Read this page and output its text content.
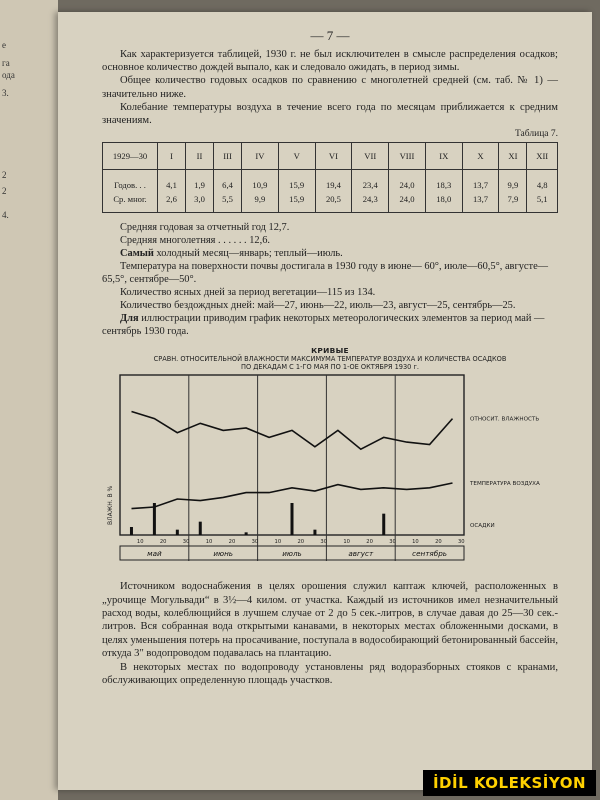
е
га
ода
3.
2
2
4.
— 7 —

Как характеризуется таблицей, 1930 г. не был исключителен в смысле распределения осадков; основное количество дождей выпало, как и следовало ожидать, в период зимы.

Общее количество годовых осадков по сравнению с многолетней средней (см. таб. № 1) — значительно ниже.

Колебание температуры воздуха в течение всего года по месяцам приближается к средним значениям.

Таблица 7.
1929—30	I	II	III	IV	V	VI	VII	VIII	IX	X	XI	XII
Годов. . .	4,1	1,9	6,4	10,9	15,9	19,4	23,4	24,0	18,3	13,7	9,9	4,8
Ср. мног.	2,6	3,0	5,5	9,9	15,9	20,5	24,3	24,0	18,0	13,7	7,9	5,1
Средняя годовая за отчетный год 12,7.
Средняя многолетняя . . . . . . 12,6.
Самый холодный месяц—январь; теплый—июль.
Температура на поверхности почвы достигала в 1930 году в июне— 60°, июле—60,5°, августе—65,5°, сентябре—50°.
Количество ясных дней за период вегетации—115 из 134.
Количество бездождных дней: май—27, июнь—22, июль—23, август—25, сентябрь—25.
Для иллюстрации приводим график некоторых метеорологических элементов за период май — сентябрь 1930 года.
КРИВЫЕ
СРАВН. ОТНОСИТЕЛЬНОЙ ВЛАЖНОСТИ МАКСИМУМА ТЕМПЕРАТУР ВОЗДУХА И КОЛИЧЕСТВА ОСАДКОВ
ПО ДЕКАДАМ С 1-ГО МАЯ ПО 1-ОЕ ОКТЯБРЯ 1930 г.
ВЛАЖН. В %
ОТНОСИТ. ВЛАЖНОСТЬ
ТЕМПЕРАТУРА ВОЗДУХА
ОСАДКИ
10	20	30	10	20	30	10	20	30	10	20	30	10	20	30
май	июнь	июль	август	сентябрь

Источником водоснабжения в целях орошения служил каптаж ключей, расположенных в „урочище Могульвади“ в 3½—4 килом. от участка. Каждый из источников имел незначительный расход воды, колеблющийся в лучшем случае от 2 до 5 сек.-литров, в случае давая до 25—30 сек.-литров. Вся собранная вода открытыми канавами, в некоторых местах обложенными досками, в целях уменьшения потерь на просачивание, поступала в водособирающий бетонированный бассейн, откуда 3" водопроводом подавалась на плантацию.

В некоторых местах по водопроводу установлены ряд водоразборных стояков с кранами, обслуживающих определенную площадь участков.

İDİL KOLEKSİYON
